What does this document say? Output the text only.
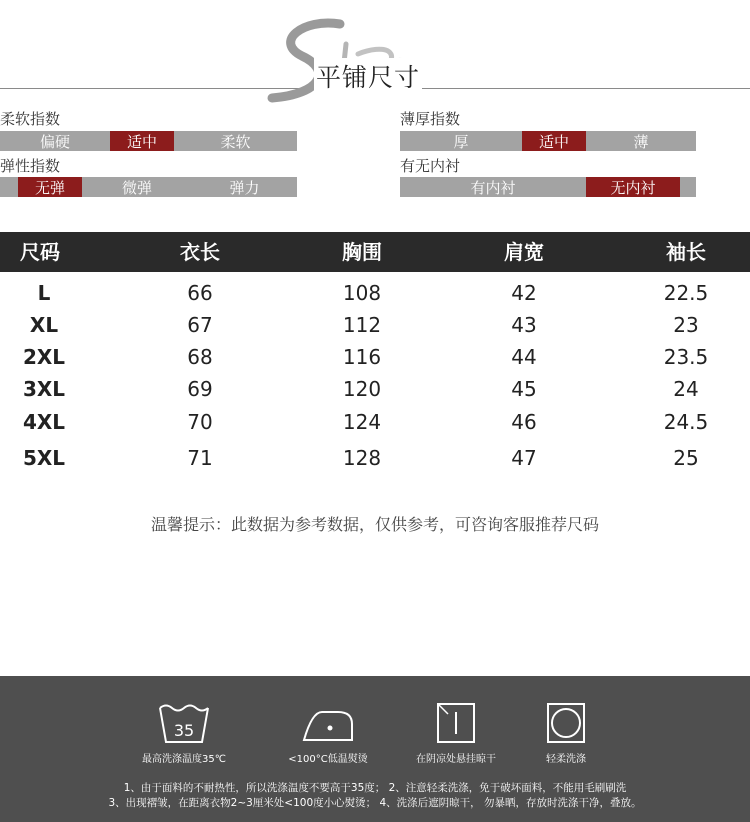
平铺尺寸
柔软指数
偏硬	适中	柔软
薄厚指数
厚	适中	薄
弹性指数
无弹	微弹	弹力
有无内衬
有内衬	无内衬
尺码	衣长	胸围	肩宽	袖长
L	66	108	42	22.5
XL	67	112	43	23
2XL	68	116	44	23.5
3XL	69	120	45	24
4XL	70	124	46	24.5
5XL	71	128	47	25
温馨提示：此数据为参考数据，仅供参考，可咨询客服推荐尺码
35
最高洗涤温度35℃	<100°C低温熨烫	在阴凉处悬挂晾干	轻柔洗涤
1、由于面料的不耐热性，所以洗涤温度不要高于35度； 2、注意轻柔洗涤，免于破坏面料，不能用毛刷刷洗
3、出现褶皱，在距离衣物2~3厘米处<100度小心熨烫； 4、洗涤后遮阴晾干， 勿暴晒，存放时洗涤干净，叠放。
